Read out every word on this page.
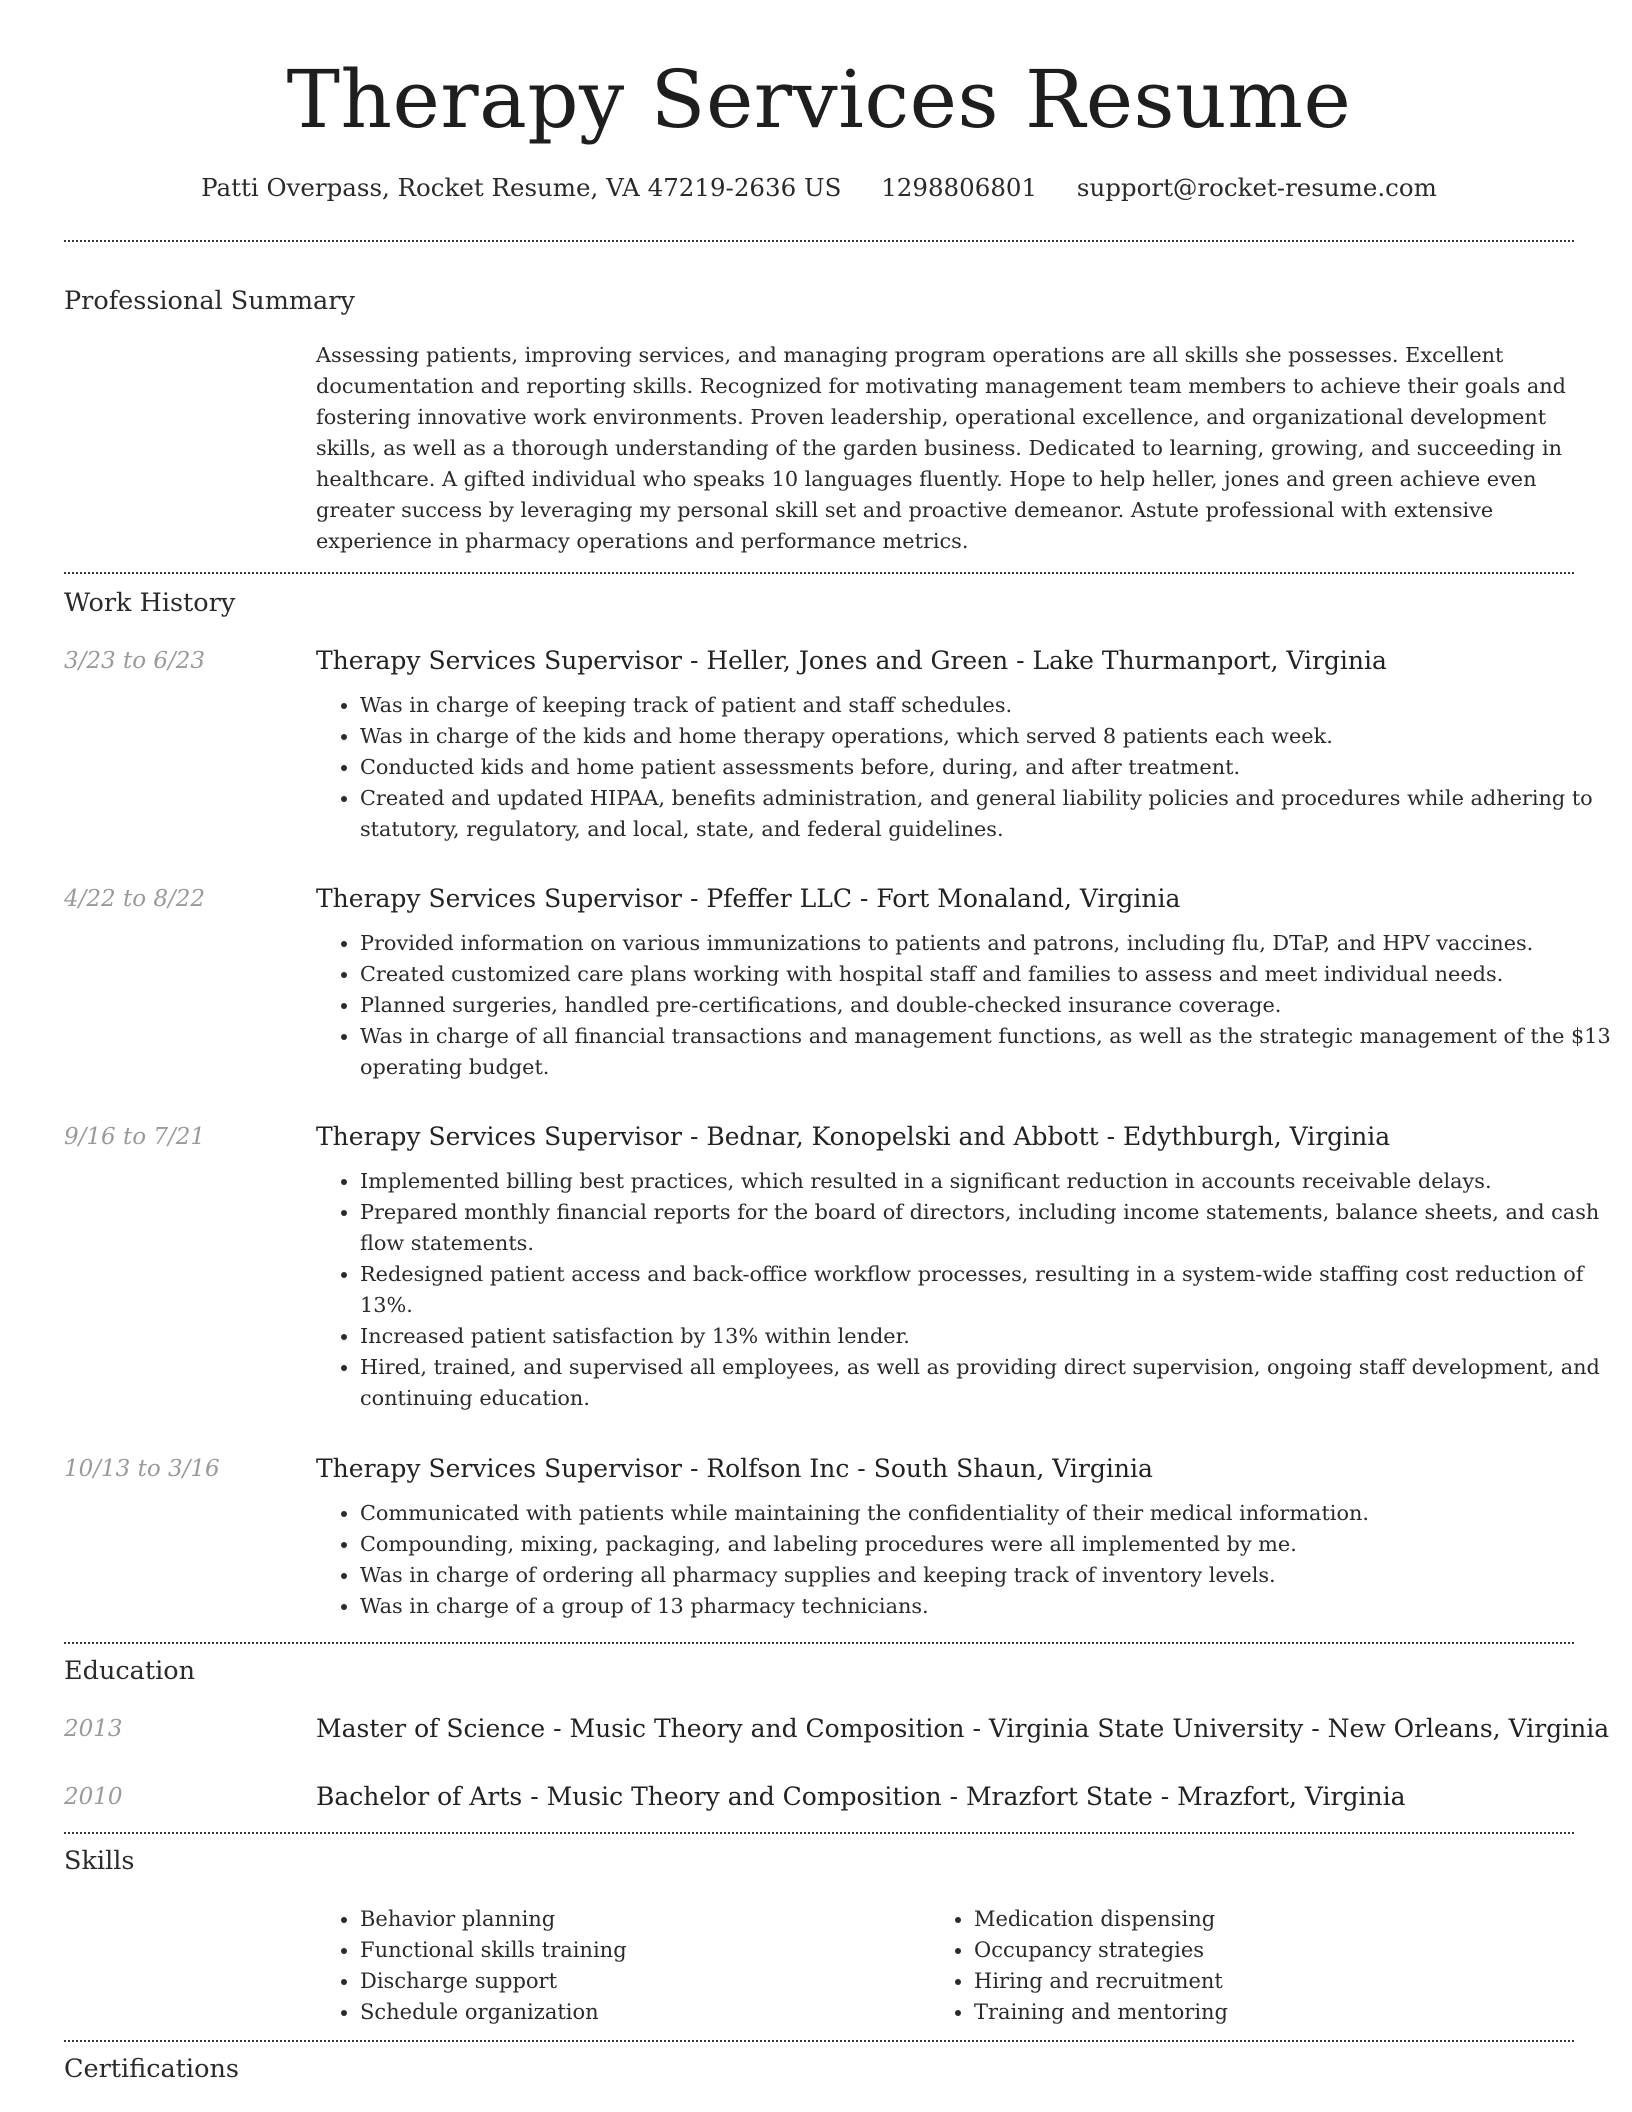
Therapy Services Resume
Patti Overpass, Rocket Resume, VA 47219-2636 US 1298806801 support@rocket-resume.com
Professional Summary
Assessing patients, improving services, and managing program operations are all skills she possesses. Excellent documentation and reporting skills. Recognized for motivating management team members to achieve their goals and fostering innovative work environments. Proven leadership, operational excellence, and organizational development skills, as well as a thorough understanding of the garden business. Dedicated to learning, growing, and succeeding in healthcare. A gifted individual who speaks 10 languages fluently. Hope to help heller, jones and green achieve even greater success by leveraging my personal skill set and proactive demeanor. Astute professional with extensive experience in pharmacy operations and performance metrics.
Work History
3/23 to 6/23	Therapy Services Supervisor - Heller, Jones and Green - Lake Thurmanport, Virginia
• Was in charge of keeping track of patient and staff schedules.
• Was in charge of the kids and home therapy operations, which served 8 patients each week.
• Conducted kids and home patient assessments before, during, and after treatment.
• Created and updated HIPAA, benefits administration, and general liability policies and procedures while adhering to statutory, regulatory, and local, state, and federal guidelines.
4/22 to 8/22	Therapy Services Supervisor - Pfeffer LLC - Fort Monaland, Virginia
• Provided information on various immunizations to patients and patrons, including flu, DTaP, and HPV vaccines.
• Created customized care plans working with hospital staff and families to assess and meet individual needs.
• Planned surgeries, handled pre-certifications, and double-checked insurance coverage.
• Was in charge of all financial transactions and management functions, as well as the strategic management of the $13 operating budget.
9/16 to 7/21	Therapy Services Supervisor - Bednar, Konopelski and Abbott - Edythburgh, Virginia
• Implemented billing best practices, which resulted in a significant reduction in accounts receivable delays.
• Prepared monthly financial reports for the board of directors, including income statements, balance sheets, and cash flow statements.
• Redesigned patient access and back-office workflow processes, resulting in a system-wide staffing cost reduction of 13%.
• Increased patient satisfaction by 13% within lender.
• Hired, trained, and supervised all employees, as well as providing direct supervision, ongoing staff development, and continuing education.
10/13 to 3/16	Therapy Services Supervisor - Rolfson Inc - South Shaun, Virginia
• Communicated with patients while maintaining the confidentiality of their medical information.
• Compounding, mixing, packaging, and labeling procedures were all implemented by me.
• Was in charge of ordering all pharmacy supplies and keeping track of inventory levels.
• Was in charge of a group of 13 pharmacy technicians.
Education
2013	Master of Science - Music Theory and Composition - Virginia State University - New Orleans, Virginia
2010	Bachelor of Arts - Music Theory and Composition - Mrazfort State - Mrazfort, Virginia
Skills
• Behavior planning
• Functional skills training
• Discharge support
• Schedule organization
• Medication dispensing
• Occupancy strategies
• Hiring and recruitment
• Training and mentoring
Certifications
